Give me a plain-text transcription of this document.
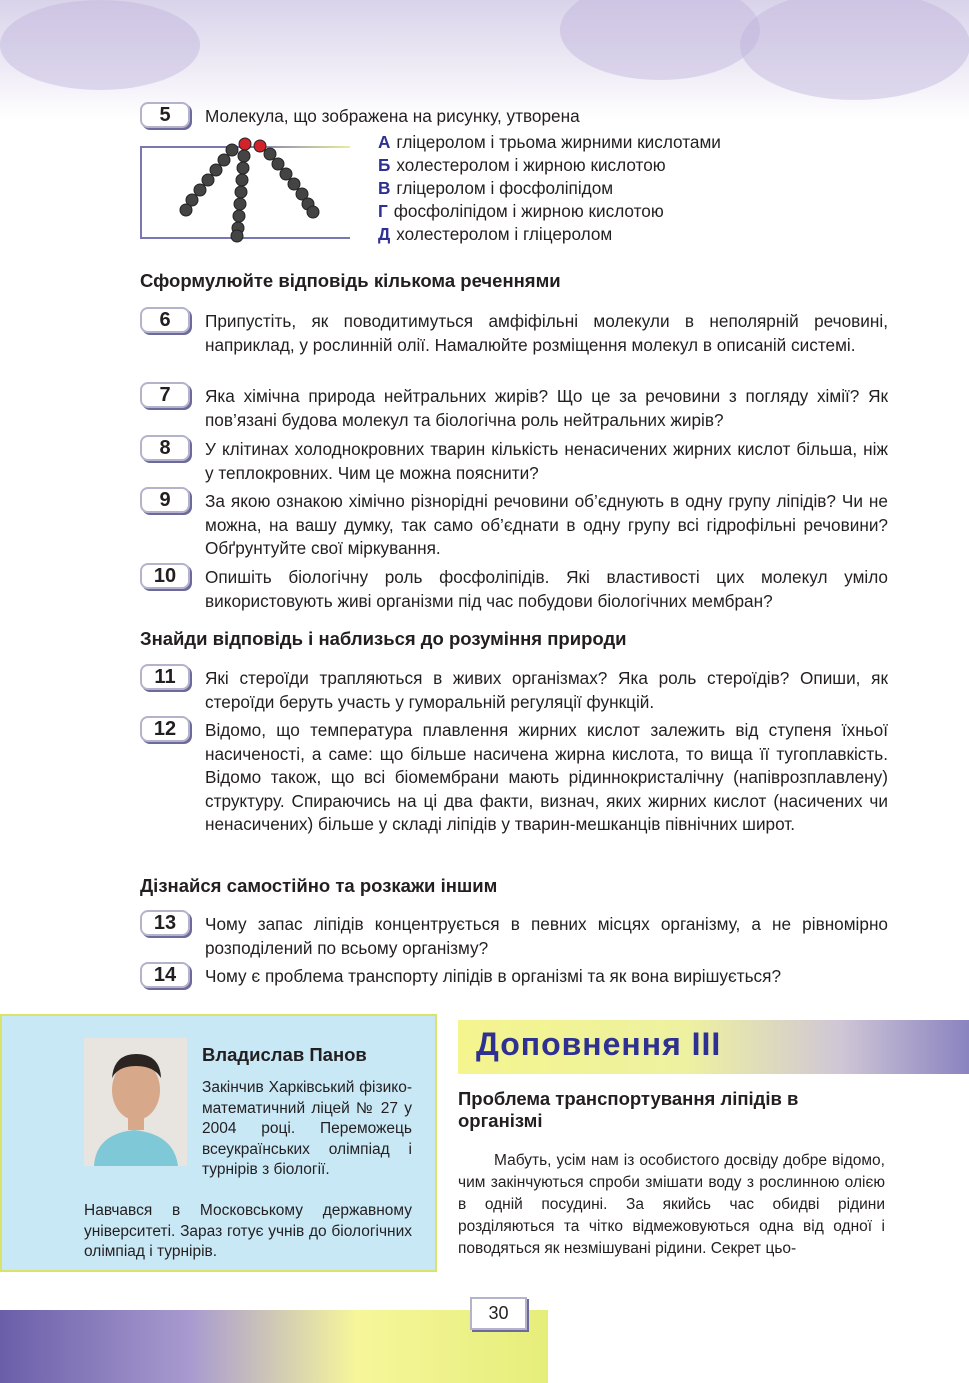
5	Молекула, що зображена на рисунку, утворена
А гліцеролом і трьома жирними кислотами
Б холестеролом і жирною кислотою
В гліцеролом і фосфоліпідом
Г фосфоліпідом і жирною кислотою
Д холестеролом і гліцеролом
Сформулюйте відповідь кількома реченнями
6	Припустіть, як поводитимуться амфіфільні молекули в неполярній речовині, наприклад, у рослинній олії. Намалюйте розміщення молекул в описаній системі.
7	Яка хімічна природа нейтральних жирів? Що це за речовини з погляду хімії? Як пов’язані будова молекул та біологічна роль нейтральних жирів?
8	У клітинах холоднокровних тварин кількість ненасичених жирних кислот більша, ніж у теплокровних. Чим це можна пояснити?
9	За якою ознакою хімічно різнорідні речовини об’єднують в одну групу ліпідів? Чи не можна, на вашу думку, так само об’єднати в одну групу всі гідрофільні речовини? Обґрунтуйте свої міркування.
10	Опишіть біологічну роль фосфоліпідів. Які властивості цих молекул уміло використовують живі організми під час побудови біологічних мембран?
Знайди відповідь і наблизься до розуміння природи
11	Які стероїди трапляються в живих організмах? Яка роль стероїдів? Опиши, як стероїди беруть участь у гуморальній регуляції функцій.
12	Відомо, що температура плавлення жирних кислот залежить від ступеня їхньої насиченості, а саме: що більше насичена жирна кислота, то вища її тугоплавкість. Відомо також, що всі біомембрани мають рідиннокристалічну (напіврозплавлену) структуру. Спираючись на ці два факти, визнач, яких жирних кислот (насичених чи ненасичених) більше у складі ліпідів у тварин-мешканців північних широт.
Дізнайся самостійно та розкажи іншим
13	Чому запас ліпідів концентрується в певних місцях організму, а не рівномірно розподілений по всьому організму?
14	Чому є проблема транспорту ліпідів в організмі та як вона вирішується?
Владислав Панов
Закінчив Харківський фізико-математичний ліцей № 27 у 2004 році. Переможець всеукраїнських олімпіад і турнірів з біології.
Навчався в Московському державному університеті. Зараз готує учнів до біологічних олімпіад і турнірів.
Доповнення III
Проблема транспортування ліпідів в організмі
Мабуть, усім нам із особистого досвіду добре відомо, чим закінчуються спроби змішати воду з рослинною олією в одній посудині. За якийсь час обидві рідини розділяються та чітко відмежовуються одна від одної і поводяться як незмішувані рідини. Секрет цьо-
30
